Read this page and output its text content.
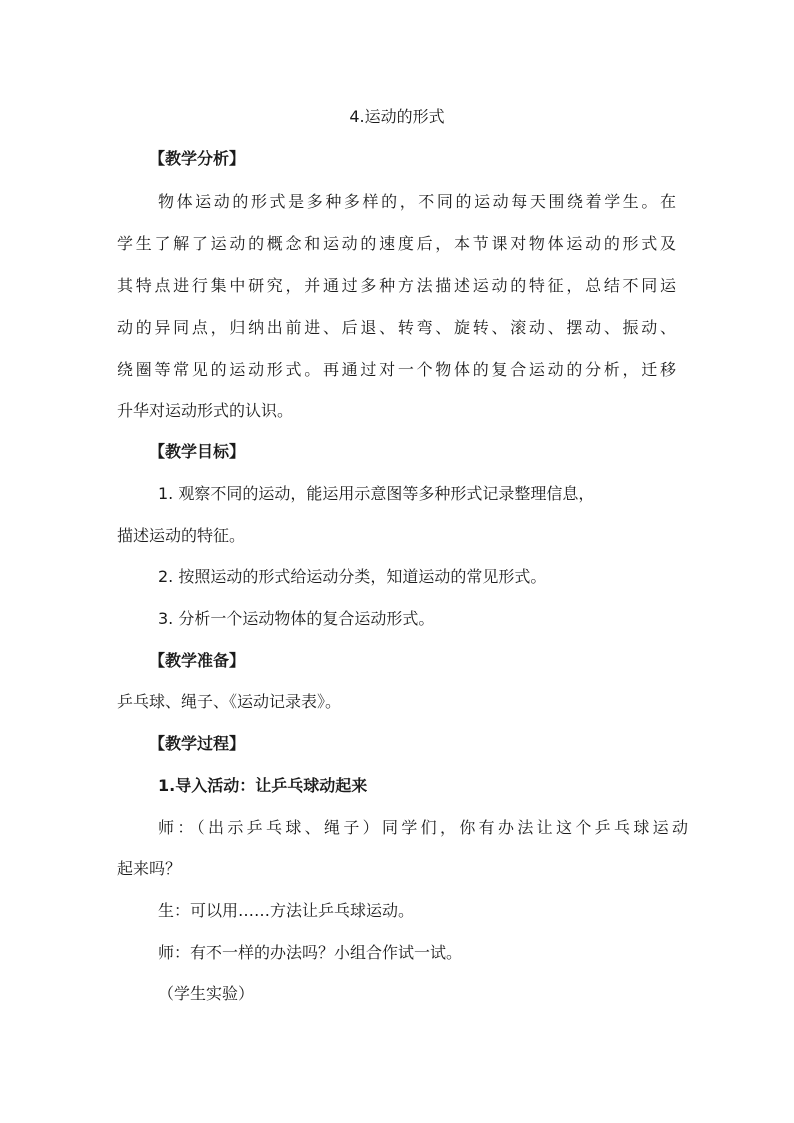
4.运动的形式
【教学分析】
物体运动的形式是多种多样的，不同的运动每天围绕着学生。在
学生了解了运动的概念和运动的速度后，本节课对物体运动的形式及
其特点进行集中研究，并通过多种方法描述运动的特征，总结不同运
动的异同点，归纳出前进、后退、转弯、旋转、滚动、摆动、振动、
绕圈等常见的运动形式。再通过对一个物体的复合运动的分析，迁移
升华对运动形式的认识。
【教学目标】
1. 观察不同的运动，能运用示意图等多种形式记录整理信息，
描述运动的特征。
2. 按照运动的形式给运动分类，知道运动的常见形式。
3. 分析一个运动物体的复合运动形式。
【教学准备】
乒乓球、绳子、《运动记录表》。
【教学过程】
1.导入活动：让乒乓球动起来
师：（出示乒乓球、绳子）同学们，你有办法让这个乒乓球运动
起来吗？
生：可以用……方法让乒乓球运动。
师：有不一样的办法吗？小组合作试一试。
（学生实验）
